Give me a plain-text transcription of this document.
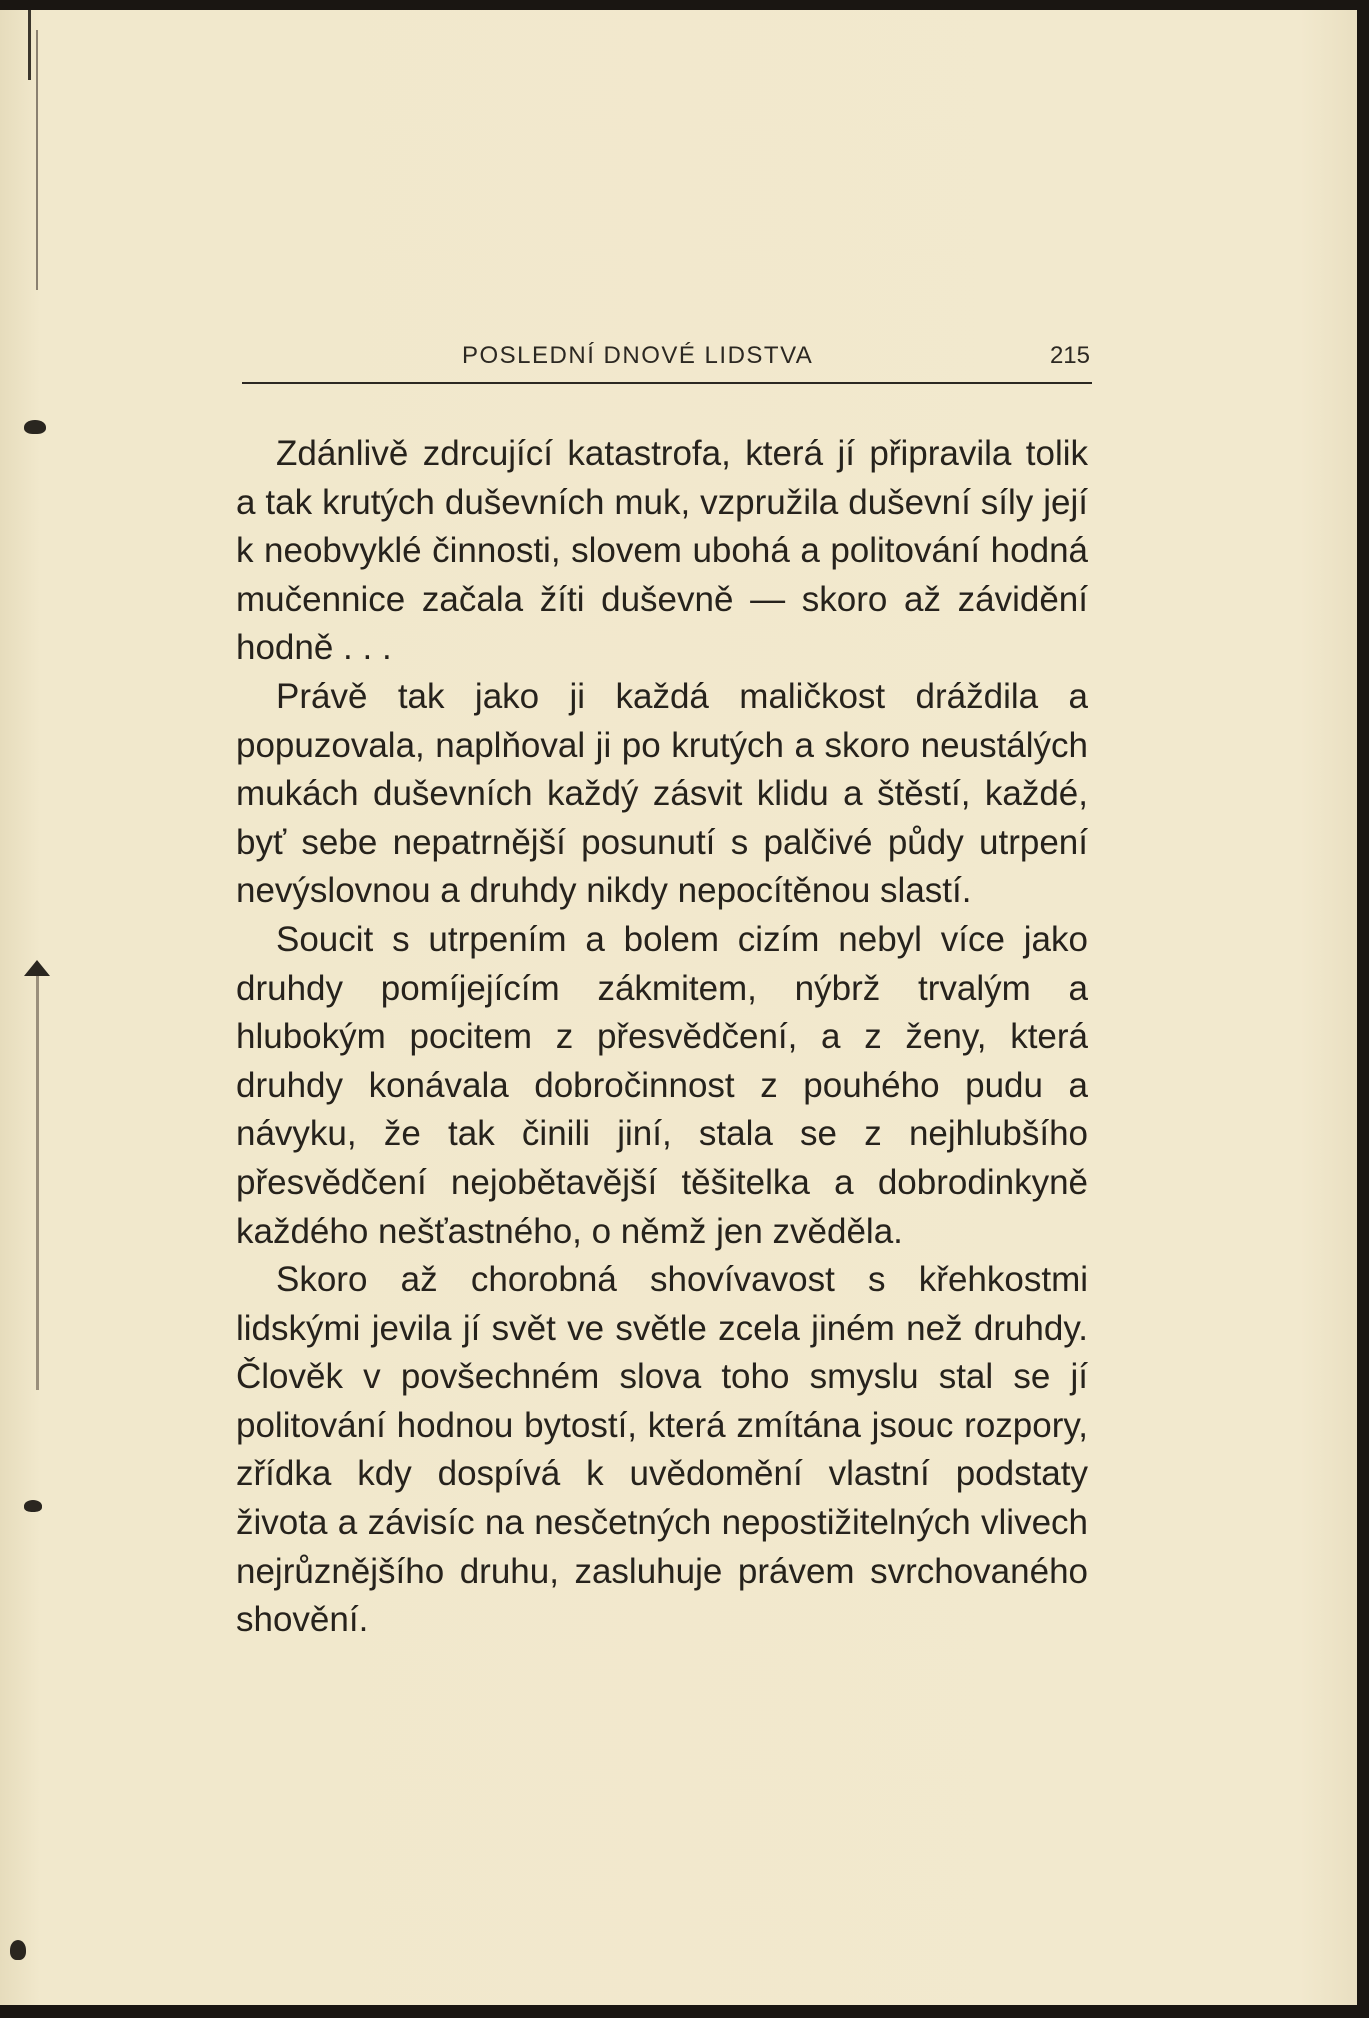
POSLEDNÍ DNOVÉ LIDSTVA	215

Zdánlivě zdrcující katastrofa, která jí připravila tolik a tak krutých duševních muk, vzpružila duševní síly její k neobvyklé činnosti, slovem ubohá a politování hodná mučennice začala žíti duševně — skoro až závidění hodně . . .

Právě tak jako ji každá maličkost dráždila a popuzovala, naplňoval ji po krutých a skoro neustálých mukách duševních každý zásvit klidu a štěstí, každé, byť sebe nepatrnější posunutí s palčivé půdy utrpení nevýslovnou a druhdy nikdy nepocítěnou slastí.

Soucit s utrpením a bolem cizím nebyl více jako druhdy pomíjejícím zákmitem, nýbrž trvalým a hlubokým pocitem z přesvědčení, a z ženy, která druhdy konávala dobročinnost z pouhého pudu a návyku, že tak činili jiní, stala se z nejhlubšího přesvědčení nejobětavější těšitelka a dobrodinkyně každého nešťastného, o němž jen zvěděla.

Skoro až chorobná shovívavost s křehkostmi lidskými jevila jí svět ve světle zcela jiném než druhdy. Člověk v povšechném slova toho smyslu stal se jí politování hodnou bytostí, která zmítána jsouc rozpory, zřídka kdy dospívá k uvědomění vlastní podstaty života a závisíc na nesčetných nepostižitelných vlivech nejrůznějšího druhu, zasluhuje právem svrchovaného shovění.
